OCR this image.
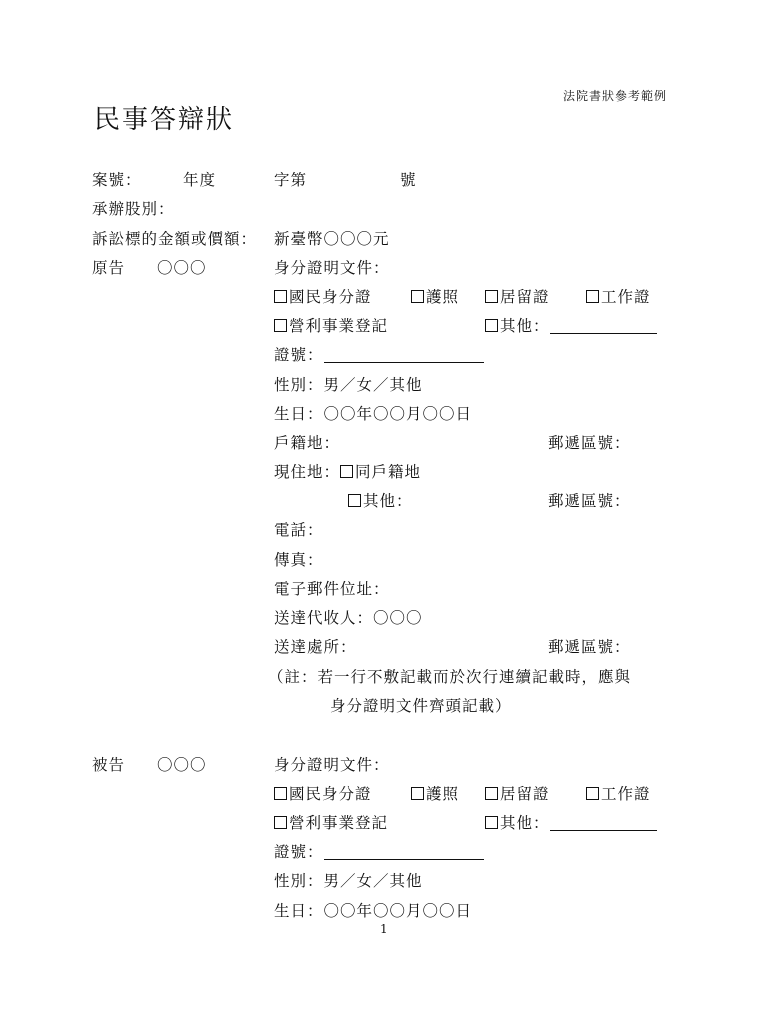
法院書狀參考範例
民事答辯狀
案號：	年度	字第	號
承辦股別：
訴訟標的金額或價額： 新臺幣〇〇〇元
原告 〇〇〇	身分證明文件：
國民身分證	護照	居留證	工作證
營利事業登記	其他：
證號：
性別：男／女／其他
生日：〇〇年〇〇月〇〇日
戶籍地：	郵遞區號：
現住地： 同戶籍地
其他：	郵遞區號：
電話：
傳真：
電子郵件位址：
送達代收人：〇〇〇
送達處所：	郵遞區號：
（註：若一行不敷記載而於次行連續記載時，應與
身分證明文件齊頭記載）
被告 〇〇〇	身分證明文件：
國民身分證	護照	居留證	工作證
營利事業登記	其他：
證號：
性別：男／女／其他
生日：〇〇年〇〇月〇〇日
1
